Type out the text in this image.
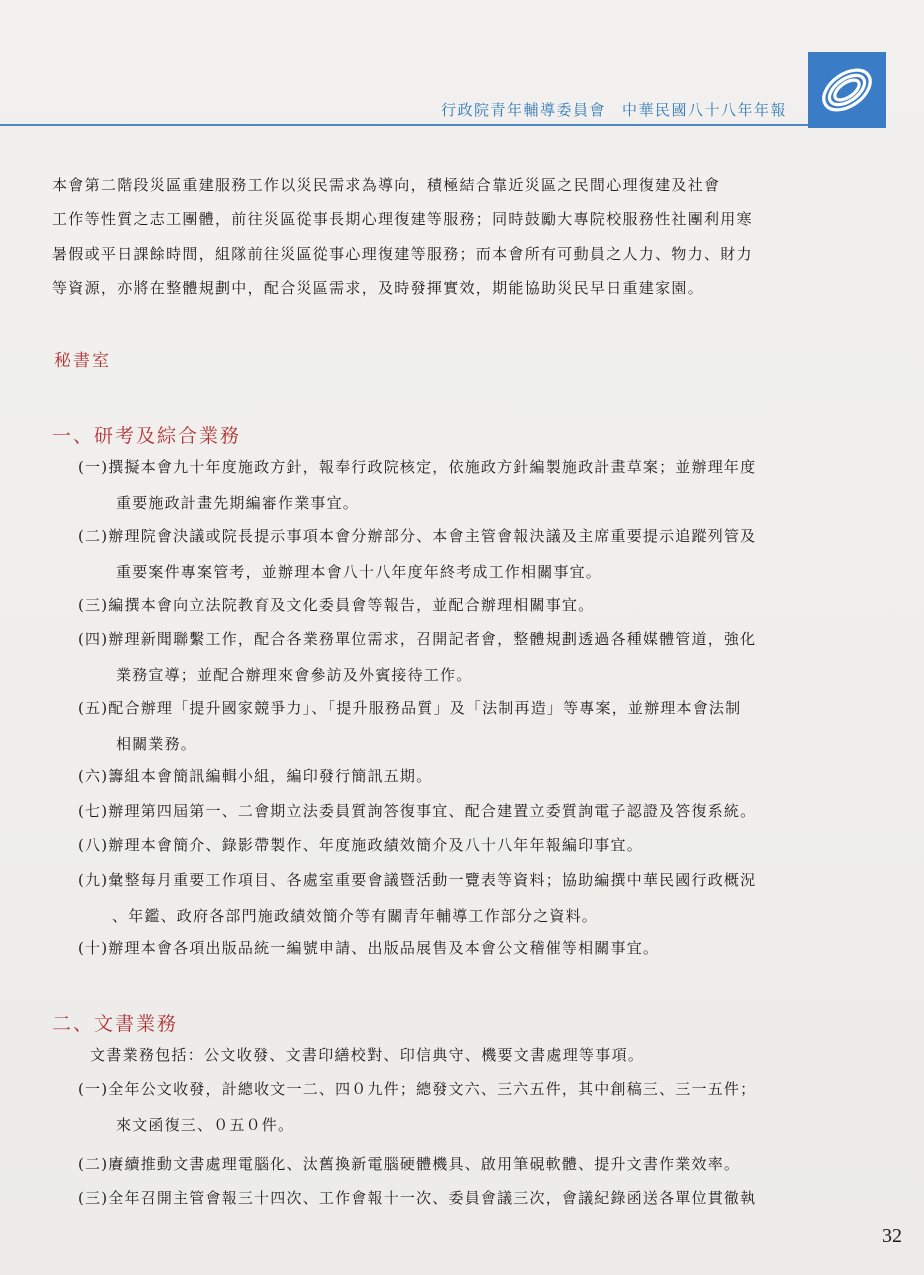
行政院青年輔導委員會 中華民國八十八年年報
本會第二階段災區重建服務工作以災民需求為導向，積極結合靠近災區之民間心理復建及社會
工作等性質之志工團體，前往災區從事長期心理復建等服務；同時鼓勵大專院校服務性社團利用寒
暑假或平日課餘時間，組隊前往災區從事心理復建等服務；而本會所有可動員之人力、物力、財力
等資源，亦將在整體規劃中，配合災區需求，及時發揮實效，期能協助災民早日重建家園。
秘書室
一、研考及綜合業務
(一)撰擬本會九十年度施政方針，報奉行政院核定，依施政方針編製施政計畫草案；並辦理年度
重要施政計畫先期編審作業事宜。
(二)辦理院會決議或院長提示事項本會分辦部分、本會主管會報決議及主席重要提示追蹤列管及
重要案件專案管考，並辦理本會八十八年度年終考成工作相關事宜。
(三)編撰本會向立法院教育及文化委員會等報告，並配合辦理相關事宜。
(四)辦理新聞聯繫工作，配合各業務單位需求，召開記者會，整體規劃透過各種媒體管道，強化
業務宣導；並配合辦理來會參訪及外賓接待工作。
(五)配合辦理「提升國家競爭力」、「提升服務品質」及「法制再造」等專案，並辦理本會法制
相關業務。
(六)籌組本會簡訊編輯小組，編印發行簡訊五期。
(七)辦理第四屆第一、二會期立法委員質詢答復事宜、配合建置立委質詢電子認證及答復系統。
(八)辦理本會簡介、錄影帶製作、年度施政績效簡介及八十八年年報編印事宜。
(九)彙整每月重要工作項目、各處室重要會議暨活動一覽表等資料；協助編撰中華民國行政概況
、年鑑、政府各部門施政績效簡介等有關青年輔導工作部分之資料。
(十)辦理本會各項出版品統一編號申請、出版品展售及本會公文稽催等相關事宜。
二、文書業務
文書業務包括：公文收發、文書印繕校對、印信典守、機要文書處理等事項。
(一)全年公文收發，計總收文一二、四０九件；總發文六、三六五件，其中創稿三、三一五件；
來文函復三、０五０件。
(二)賡續推動文書處理電腦化、汰舊換新電腦硬體機具、啟用筆硯軟體、提升文書作業效率。
(三)全年召開主管會報三十四次、工作會報十一次、委員會議三次，會議紀錄函送各單位貫徹執
32
